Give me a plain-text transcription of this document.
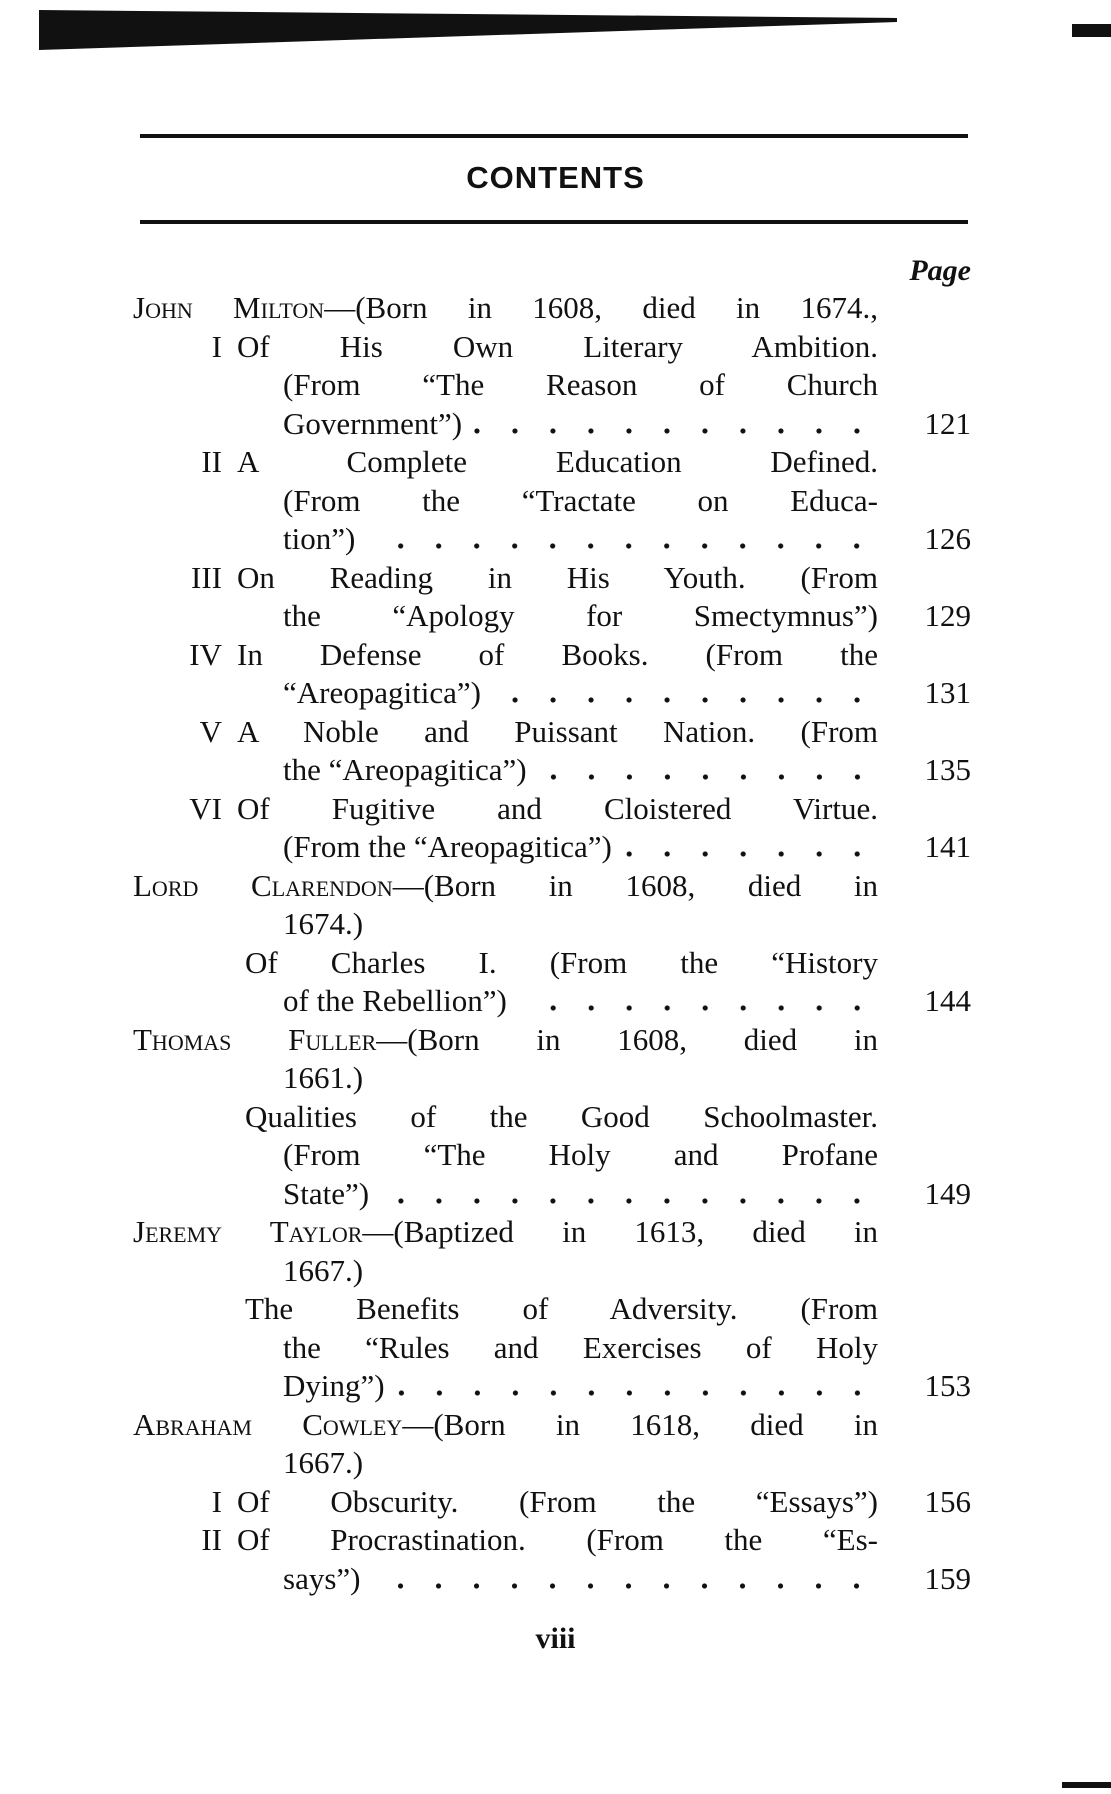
CONTENTS
Page
John Milton—(Born in 1608, died in 1674.,
I Of His Own Literary Ambition.
(From “The Reason of Church
Government”)	121
II A Complete Education Defined.
(From the “Tractate on Educa-
tion”)	126
III On Reading in His Youth. (From
the “Apology for Smectymnus”) 129
IV In Defense of Books. (From the
“Areopagitica”)	131
V A Noble and Puissant Nation. (From
the “Areopagitica”)	135
VI Of Fugitive and Cloistered Virtue.
(From the “Areopagitica”)	141
Lord Clarendon—(Born in 1608, died in
1674.)
Of Charles I. (From the “History
of the Rebellion”)	144
Thomas Fuller—(Born in 1608, died in
1661.)
Qualities of the Good Schoolmaster.
(From “The Holy and Profane
State”)	149
Jeremy Taylor—(Baptized in 1613, died in
1667.)
The Benefits of Adversity. (From
the “Rules and Exercises of Holy
Dying”)	153
Abraham Cowley—(Born in 1618, died in
1667.)
I Of Obscurity. (From the “Essays”) 156
II Of Procrastination. (From the “Es-
says”)	159
viii
